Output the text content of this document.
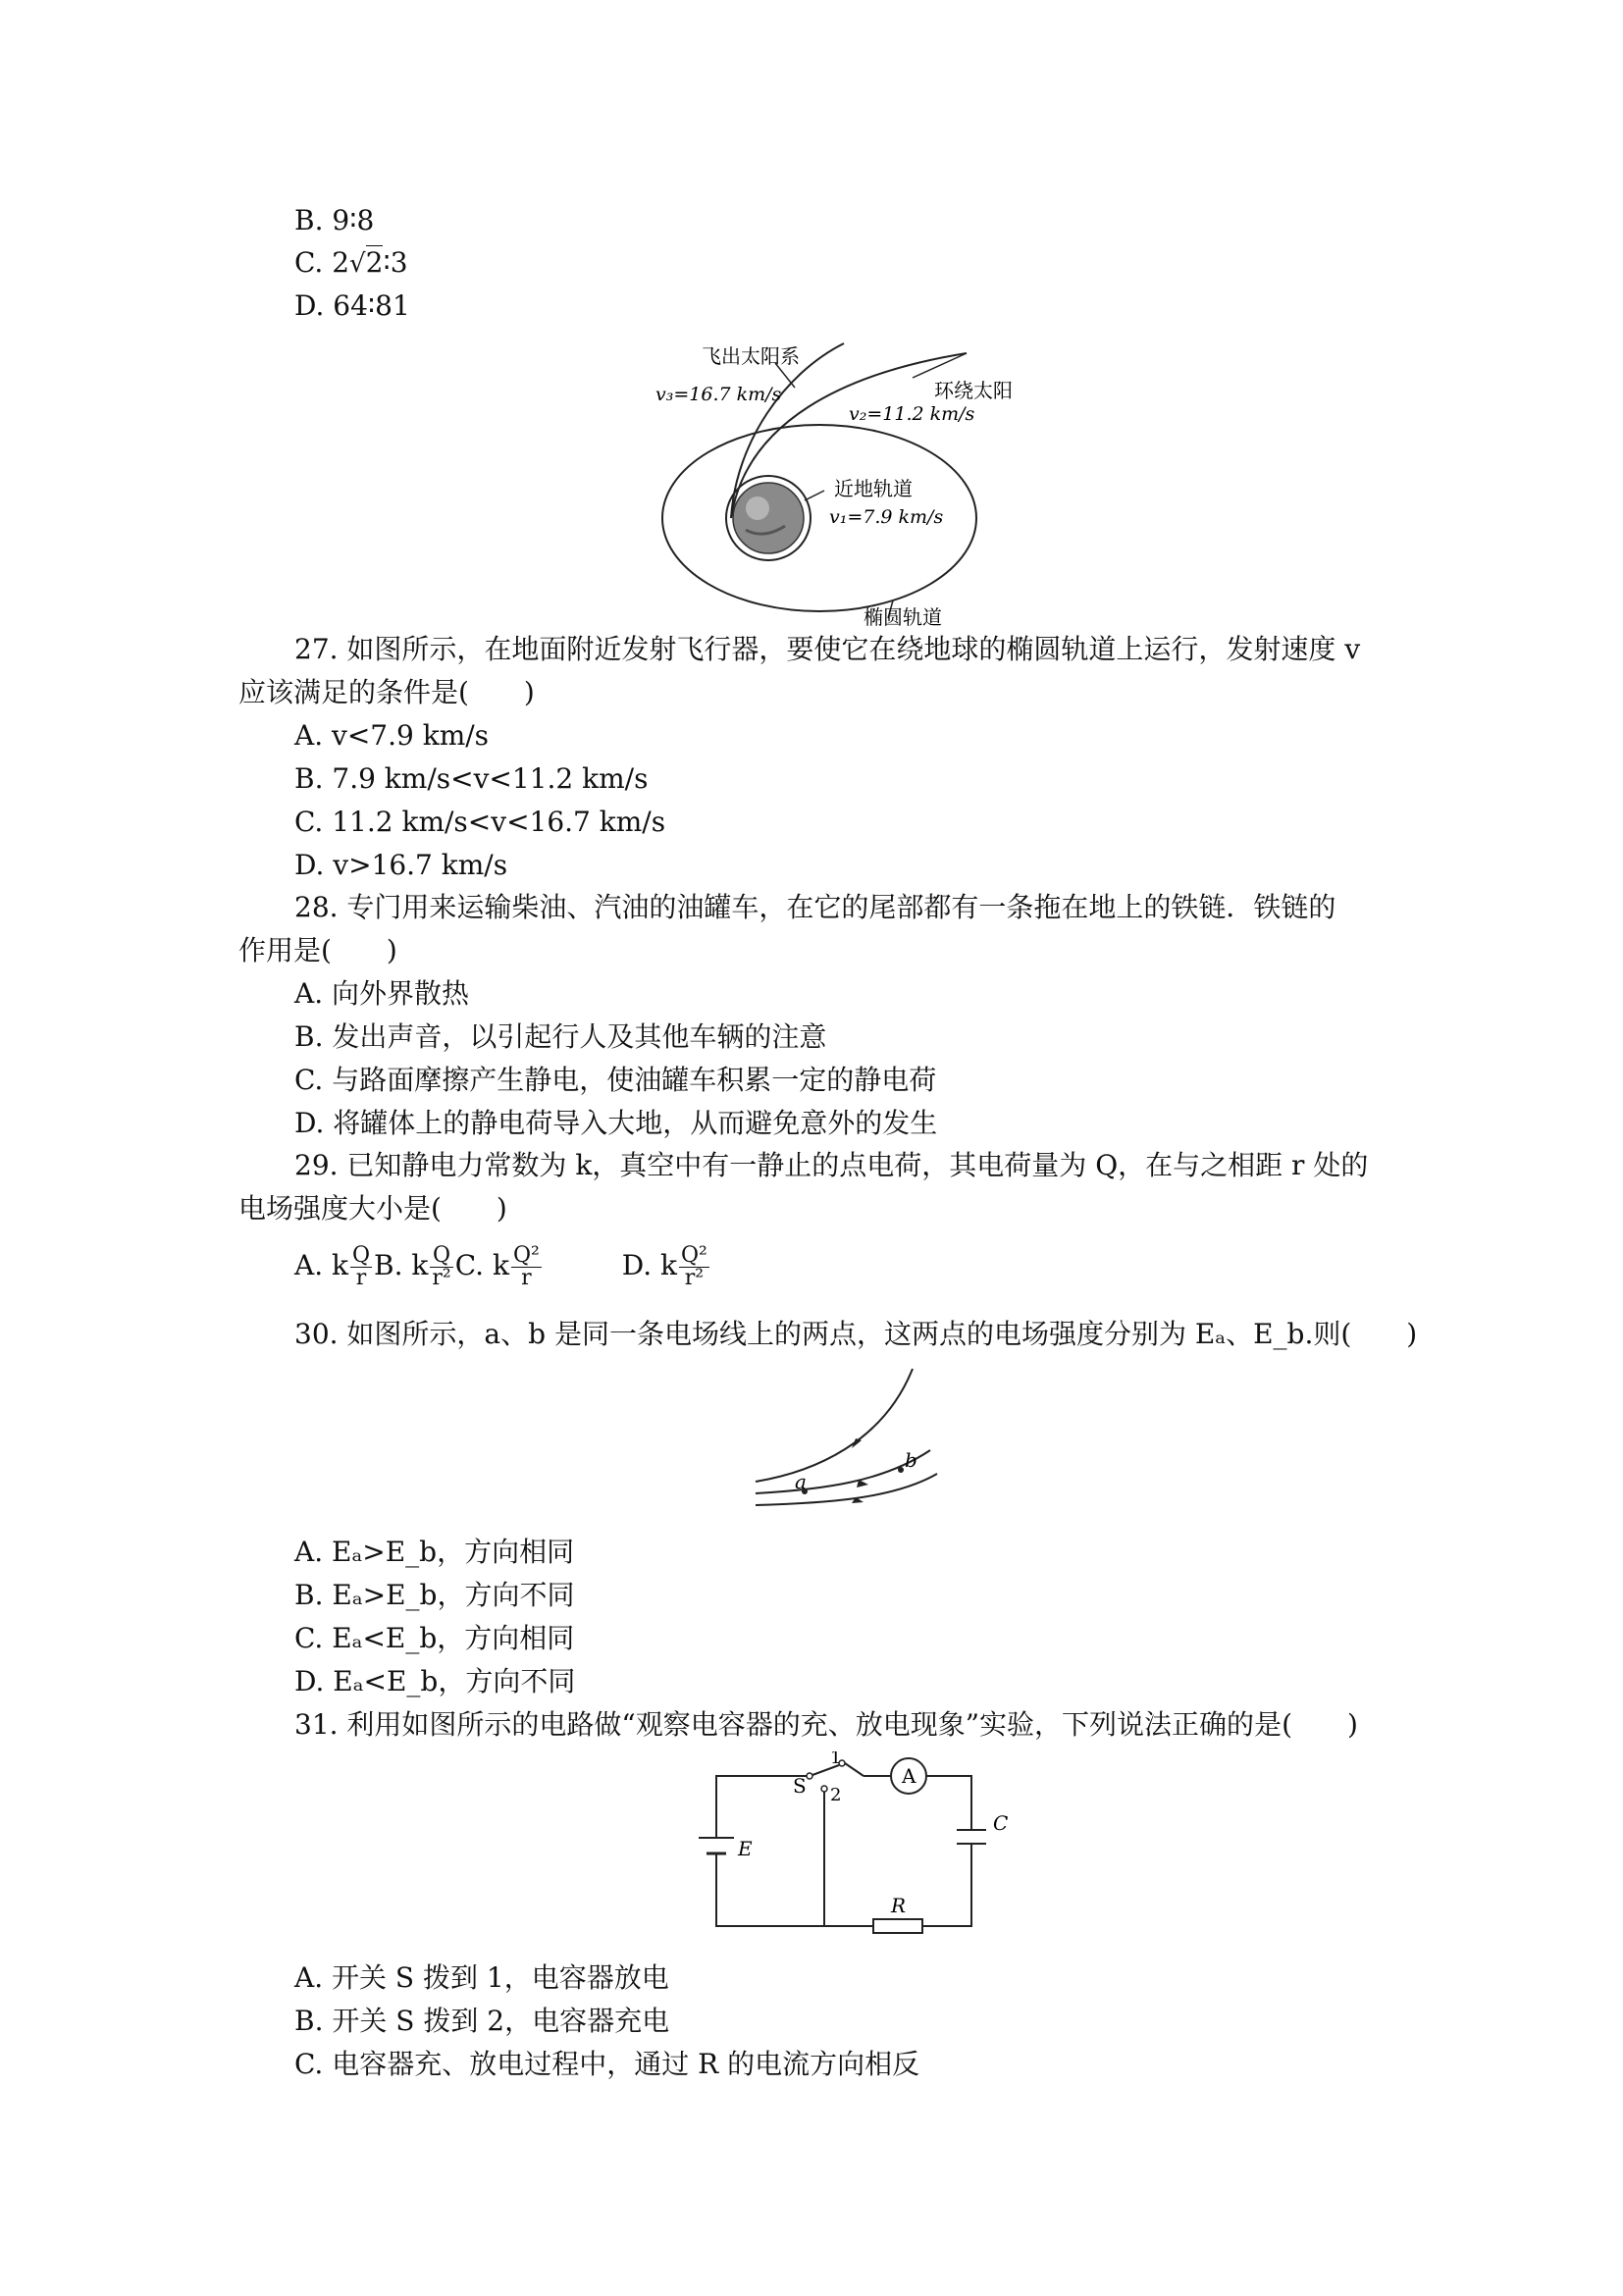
B. 9∶8
C. 2√2∶3
D. 64∶81
飞出太阳系
v₃=16.7 km/s	环绕太阳
v₂=11.2 km/s
近地轨道
v₁=7.9 km/s
椭圆轨道
27. 如图所示，在地面附近发射飞行器，要使它在绕地球的椭圆轨道上运行，发射速度 v
应该满足的条件是(　　)
A. v<7.9 km/s
B. 7.9 km/s<v<11.2 km/s
C. 11.2 km/s<v<16.7 km/s
D. v>16.7 km/s
28. 专门用来运输柴油、汽油的油罐车，在它的尾部都有一条拖在地上的铁链．铁链的
作用是(　　)
A. 向外界散热
B. 发出声音，以引起行人及其他车辆的注意
C. 与路面摩擦产生静电，使油罐车积累一定的静电荷
D. 将罐体上的静电荷导入大地，从而避免意外的发生
29. 已知静电力常数为 k，真空中有一静止的点电荷，其电荷量为 Q，在与之相距 r 处的
电场强度大小是(　　)
A. k $\frac{Q}{r} B$. k $\frac{Q}{\text{r²}} C$. k $\frac{\text{Q²}}{r}$	D. k $\frac{\text{Q²}}{\text{r²}}$
30. 如图所示，a、b 是同一条电场线上的两点，这两点的电场强度分别为 Eₐ、E_b.则(　　)
a
b
A. Eₐ>E_b，方向相同
B. Eₐ>E_b，方向不同
C. Eₐ<E_b，方向相同
D. Eₐ<E_b，方向不同
31. 利用如图所示的电路做“观察电容器的充、放电现象”实验，下列说法正确的是(　　)
E
S
1
2
A
C
R
A. 开关 S 拨到 1，电容器放电
B. 开关 S 拨到 2，电容器充电
C. 电容器充、放电过程中，通过 R 的电流方向相反
